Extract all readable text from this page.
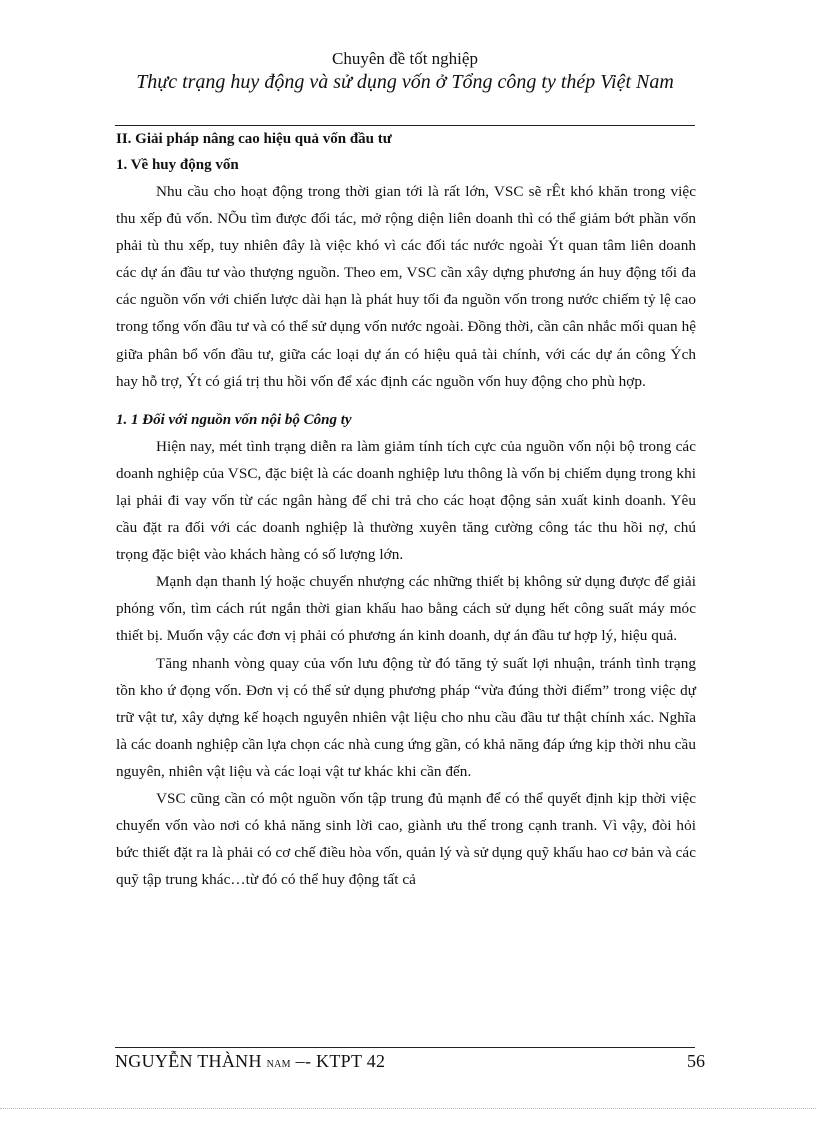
Chuyên đề tốt nghiệp
Thực trạng huy động và sử dụng vốn ở Tổng công ty thép Việt Nam
II. Giải pháp nâng cao hiệu quả vốn đầu tư
1. Về huy động vốn

Nhu cầu cho hoạt động trong thời gian tới là rất lớn, VSC sẽ rÊt khó khăn trong việc thu xếp đủ vốn. NÕu tìm được đối tác, mở rộng diện liên doanh thì có thể giảm bớt phần vốn phải tù thu xếp, tuy nhiên đây là việc khó vì các đối tác nước ngoài Ýt quan tâm liên doanh các dự án đầu tư vào thượng nguồn. Theo em, VSC cần xây dựng phương án huy động tối đa các nguồn vốn với chiến lược dài hạn là phát huy tối đa nguồn vốn trong nước chiếm tỷ lệ cao trong tổng vốn đầu tư và có thể sử dụng vốn nước ngoài. Đồng thời, cần cân nhắc mối quan hệ giữa phân bổ vốn đầu tư, giữa các loại dự án có hiệu quả tài chính, với các dự án công Ých hay hỗ trợ, Ýt có giá trị thu hồi vốn để xác định các nguồn vốn huy động cho phù hợp.

1. 1 Đối với nguồn vốn nội bộ Công ty

Hiện nay, mét tình trạng diễn ra làm giảm tính tích cực của nguồn vốn nội bộ trong các doanh nghiệp của VSC, đặc biệt là các doanh nghiệp lưu thông là vốn bị chiếm dụng trong khi lại phải đi vay vốn từ các ngân hàng để chi trả cho các hoạt động sản xuất kinh doanh. Yêu cầu đặt ra đối với các doanh nghiệp là thường xuyên tăng cường công tác thu hồi nợ, chú trọng đặc biệt vào khách hàng có số lượng lớn.

Mạnh dạn thanh lý hoặc chuyển nhượng các những thiết bị không sử dụng được để giải phóng vốn, tìm cách rút ngắn thời gian khấu hao bằng cách sử dụng hết công suất máy móc thiết bị. Muốn vậy các đơn vị phải có phương án kinh doanh, dự án đầu tư hợp lý, hiệu quả.

Tăng nhanh vòng quay của vốn lưu động từ đó tăng tỷ suất lợi nhuận, tránh tình trạng tồn kho ứ đọng vốn. Đơn vị có thể sử dụng phương pháp “vừa đúng thời điểm” trong việc dự trữ vật tư, xây dựng kế hoạch nguyên nhiên vật liệu cho nhu cầu đầu tư thật chính xác. Nghĩa là các doanh nghiệp cần lựa chọn các nhà cung ứng gần, có khả năng đáp ứng kịp thời nhu cầu nguyên, nhiên vật liệu và các loại vật tư khác khi cần đến.

VSC cũng cần có một nguồn vốn tập trung đủ mạnh để có thể quyết định kịp thời việc chuyển vốn vào nơi có khả năng sinh lời cao, giành ưu thế trong cạnh tranh. Vì vậy, đòi hỏi bức thiết đặt ra là phải có cơ chế điều hòa vốn, quản lý và sử dụng quỹ khấu hao cơ bản và các quỹ tập trung khác…từ đó có thể huy động tất cả

NGUYỄN THÀNH NAM –- KTPT 42	56
